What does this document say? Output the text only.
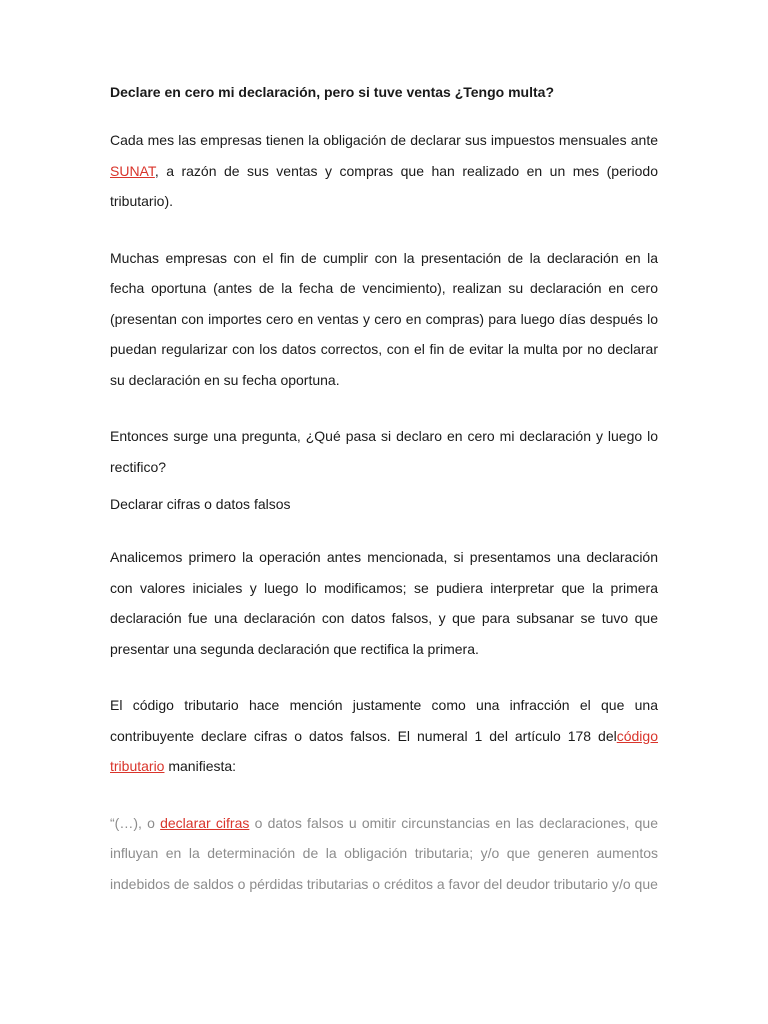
Declare en cero mi declaración, pero si tuve ventas ¿Tengo multa?

Cada mes las empresas tienen la obligación de declarar sus impuestos mensuales ante SUNAT, a razón de sus ventas y compras que han realizado en un mes (periodo tributario).

Muchas empresas con el fin de cumplir con la presentación de la declaración en la fecha oportuna (antes de la fecha de vencimiento), realizan su declaración en cero (presentan con importes cero en ventas y cero en compras) para luego días después lo puedan regularizar con los datos correctos, con el fin de evitar la multa por no declarar su declaración en su fecha oportuna.

Entonces surge una pregunta, ¿Qué pasa si declaro en cero mi declaración y luego lo rectifico?

Declarar cifras o datos falsos

Analicemos primero la operación antes mencionada, si presentamos una declaración con valores iniciales y luego lo modificamos; se pudiera interpretar que la primera declaración fue una declaración con datos falsos, y que para subsanar se tuvo que presentar una segunda declaración que rectifica la primera.

El código tributario hace mención justamente como una infracción el que una contribuyente declare cifras o datos falsos. El numeral 1 del artículo 178 delcódigo tributario manifiesta:

“(…), o declarar cifras o datos falsos u omitir circunstancias en las declaraciones, que influyan en la determinación de la obligación tributaria; y/o que generen aumentos indebidos de saldos o pérdidas tributarias o créditos a favor del deudor tributario y/o que
